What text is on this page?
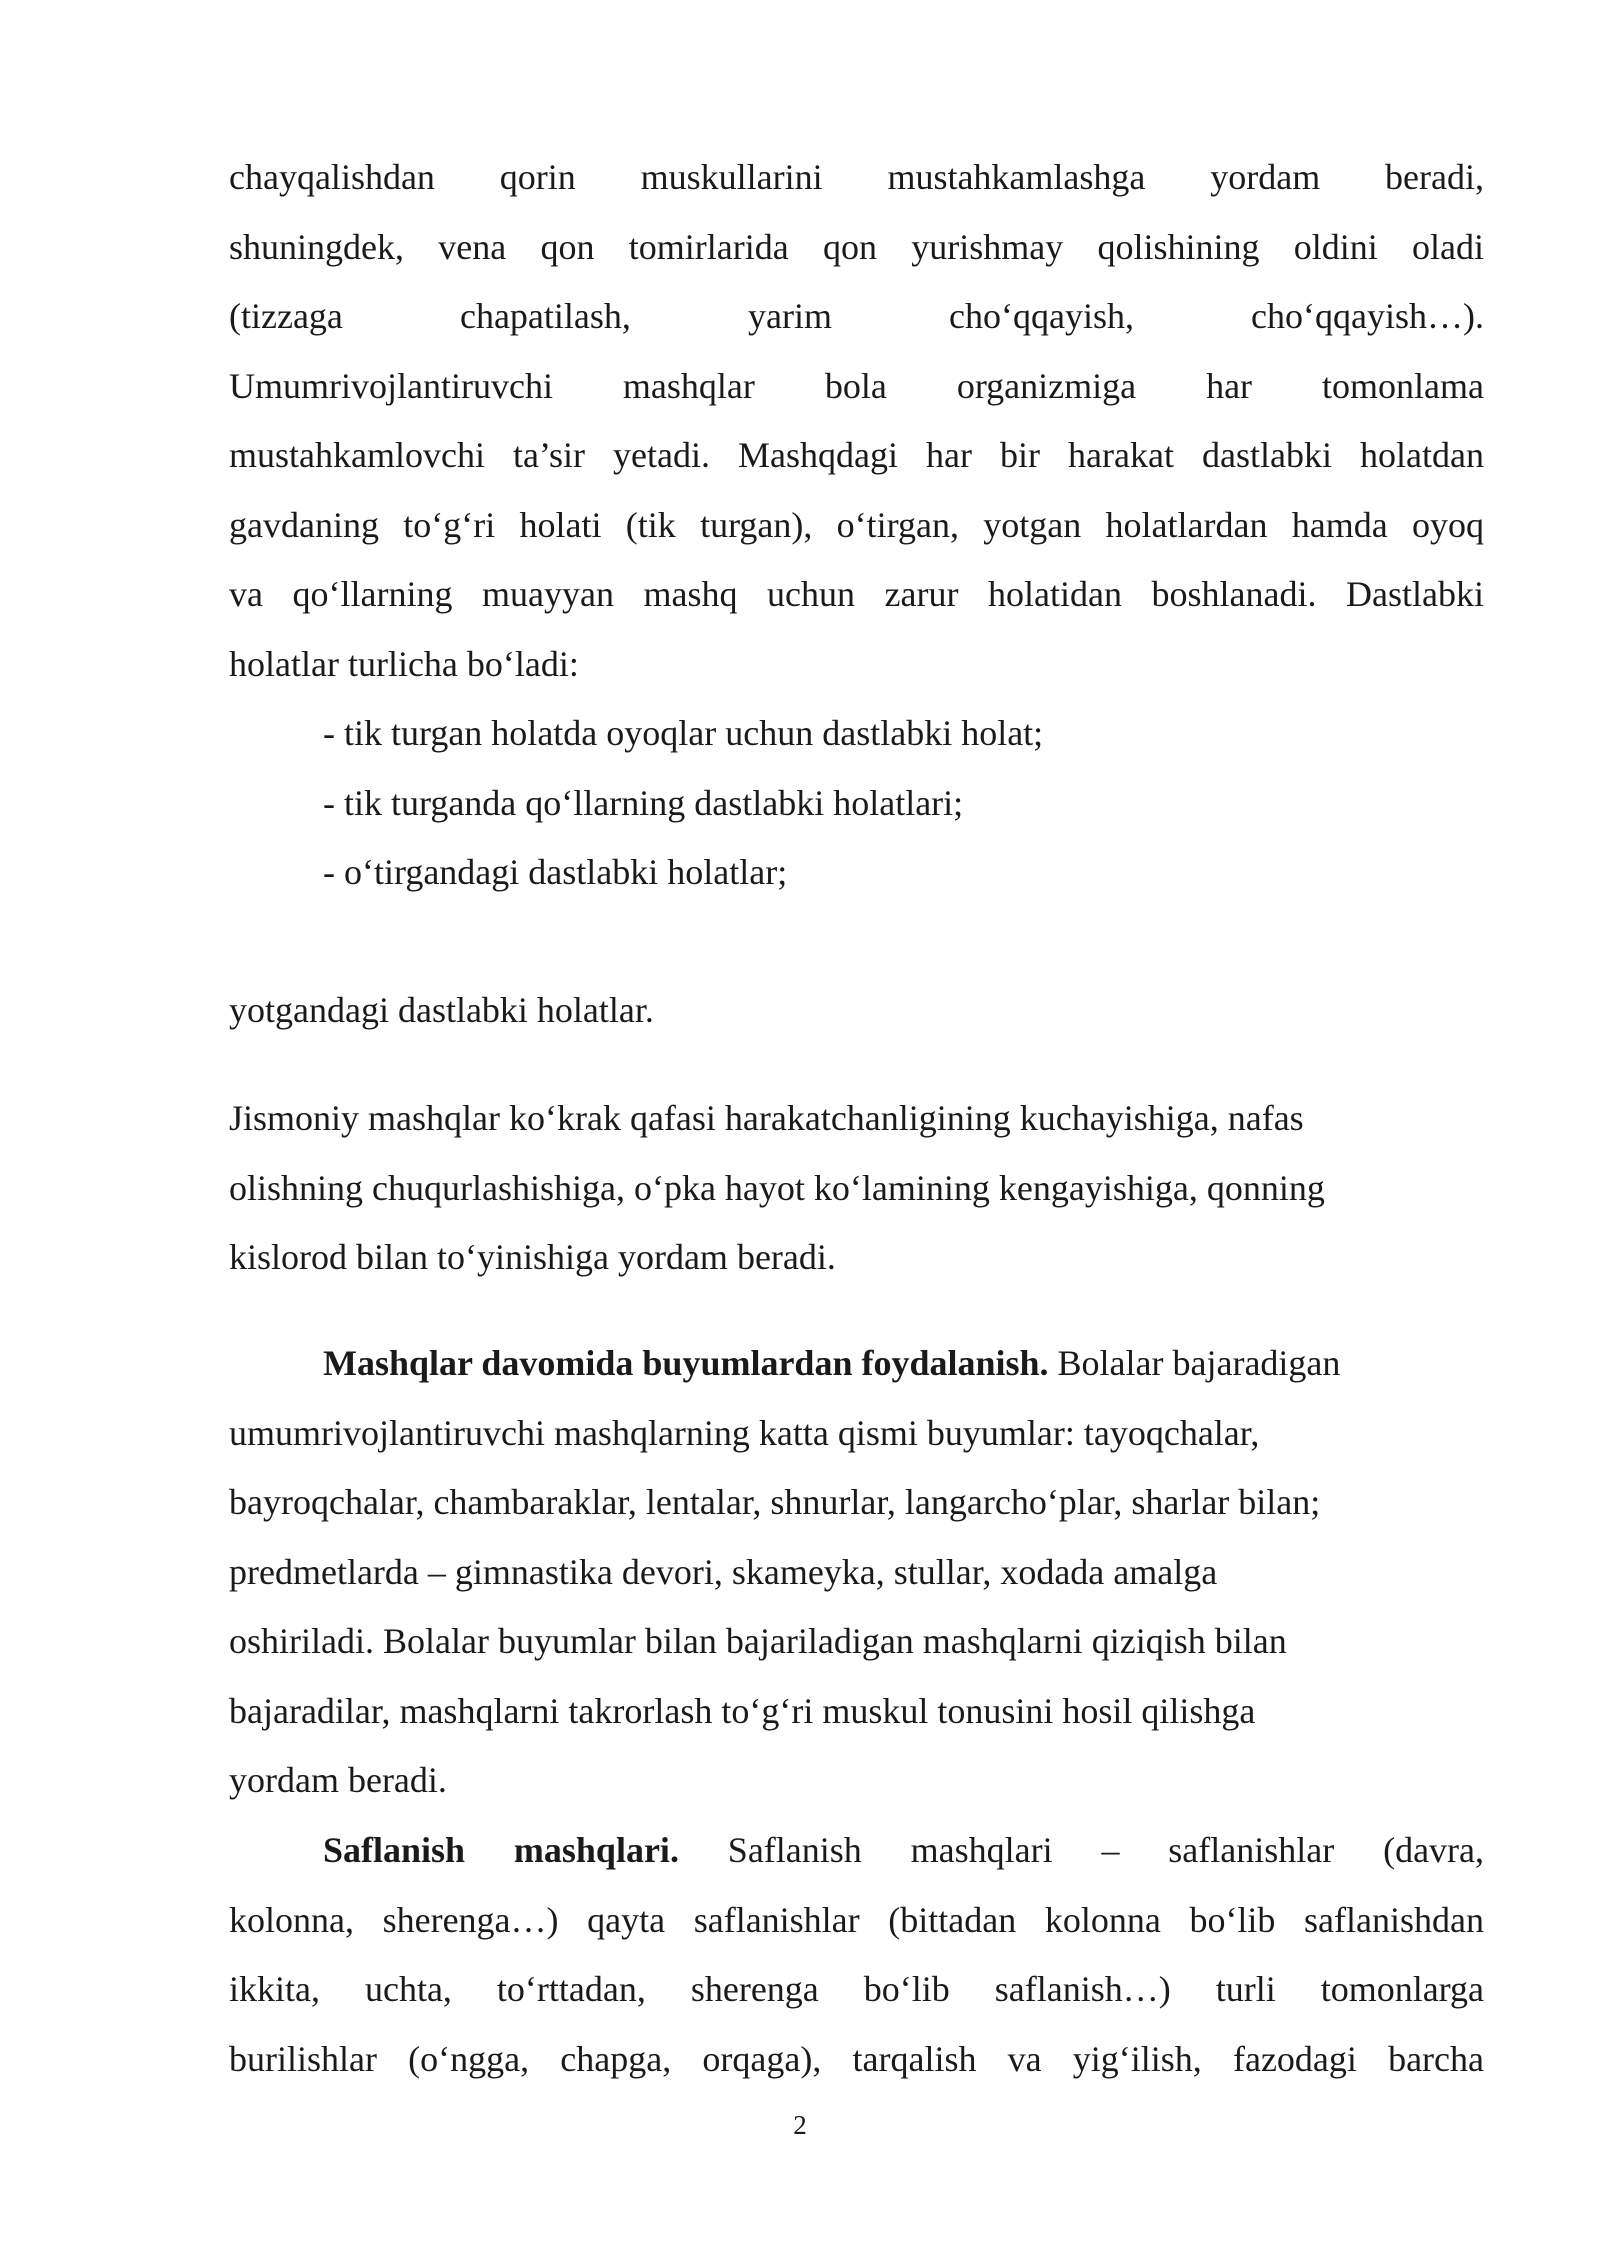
chayqalishdan qorin muskullarini mustahkamlashga yordam beradi,
shuningdek, vena qon tomirlarida qon yurishmay qolishining oldini oladi
(tizzaga chapatilash, yarim cho‘qqayish, cho‘qqayish…).
Umumrivojlantiruvchi mashqlar bola organizmiga har tomonlama
mustahkamlovchi ta’sir yetadi. Mashqdagi har bir harakat dastlabki holatdan
gavdaning to‘g‘ri holati (tik turgan), o‘tirgan, yotgan holatlardan hamda oyoq
va qo‘llarning muayyan mashq uchun zarur holatidan boshlanadi. Dastlabki
holatlar turlicha bo‘ladi:
- tik turgan holatda oyoqlar uchun dastlabki holat;
- tik turganda qo‘llarning dastlabki holatlari;
- o‘tirgandagi dastlabki holatlar;
yotgandagi dastlabki holatlar.
Jismoniy mashqlar ko‘krak qafasi harakatchanligining kuchayishiga, nafas
olishning chuqurlashishiga, o‘pka hayot ko‘lamining kengayishiga, qonning
kislorod bilan to‘yinishiga yordam beradi.
Mashqlar davomida buyumlardan foydalanish. Bolalar bajaradigan
umumrivojlantiruvchi mashqlarning katta qismi buyumlar: tayoqchalar,
bayroqchalar, chambaraklar, lentalar, shnurlar, langarcho‘plar, sharlar bilan;
predmetlarda – gimnastika devori, skameyka, stullar, xodada amalga
oshiriladi. Bolalar buyumlar bilan bajariladigan mashqlarni qiziqish bilan
bajaradilar, mashqlarni takrorlash to‘g‘ri muskul tonusini hosil qilishga
yordam beradi.
Saflanish mashqlari. Saflanish mashqlari – saflanishlar (davra,
kolonna, sherenga…) qayta saflanishlar (bittadan kolonna bo‘lib saflanishdan
ikkita, uchta, to‘rttadan, sherenga bo‘lib saflanish…) turli tomonlarga
burilishlar (o‘ngga, chapga, orqaga), tarqalish va yig‘ilish, fazodagi barcha
2
